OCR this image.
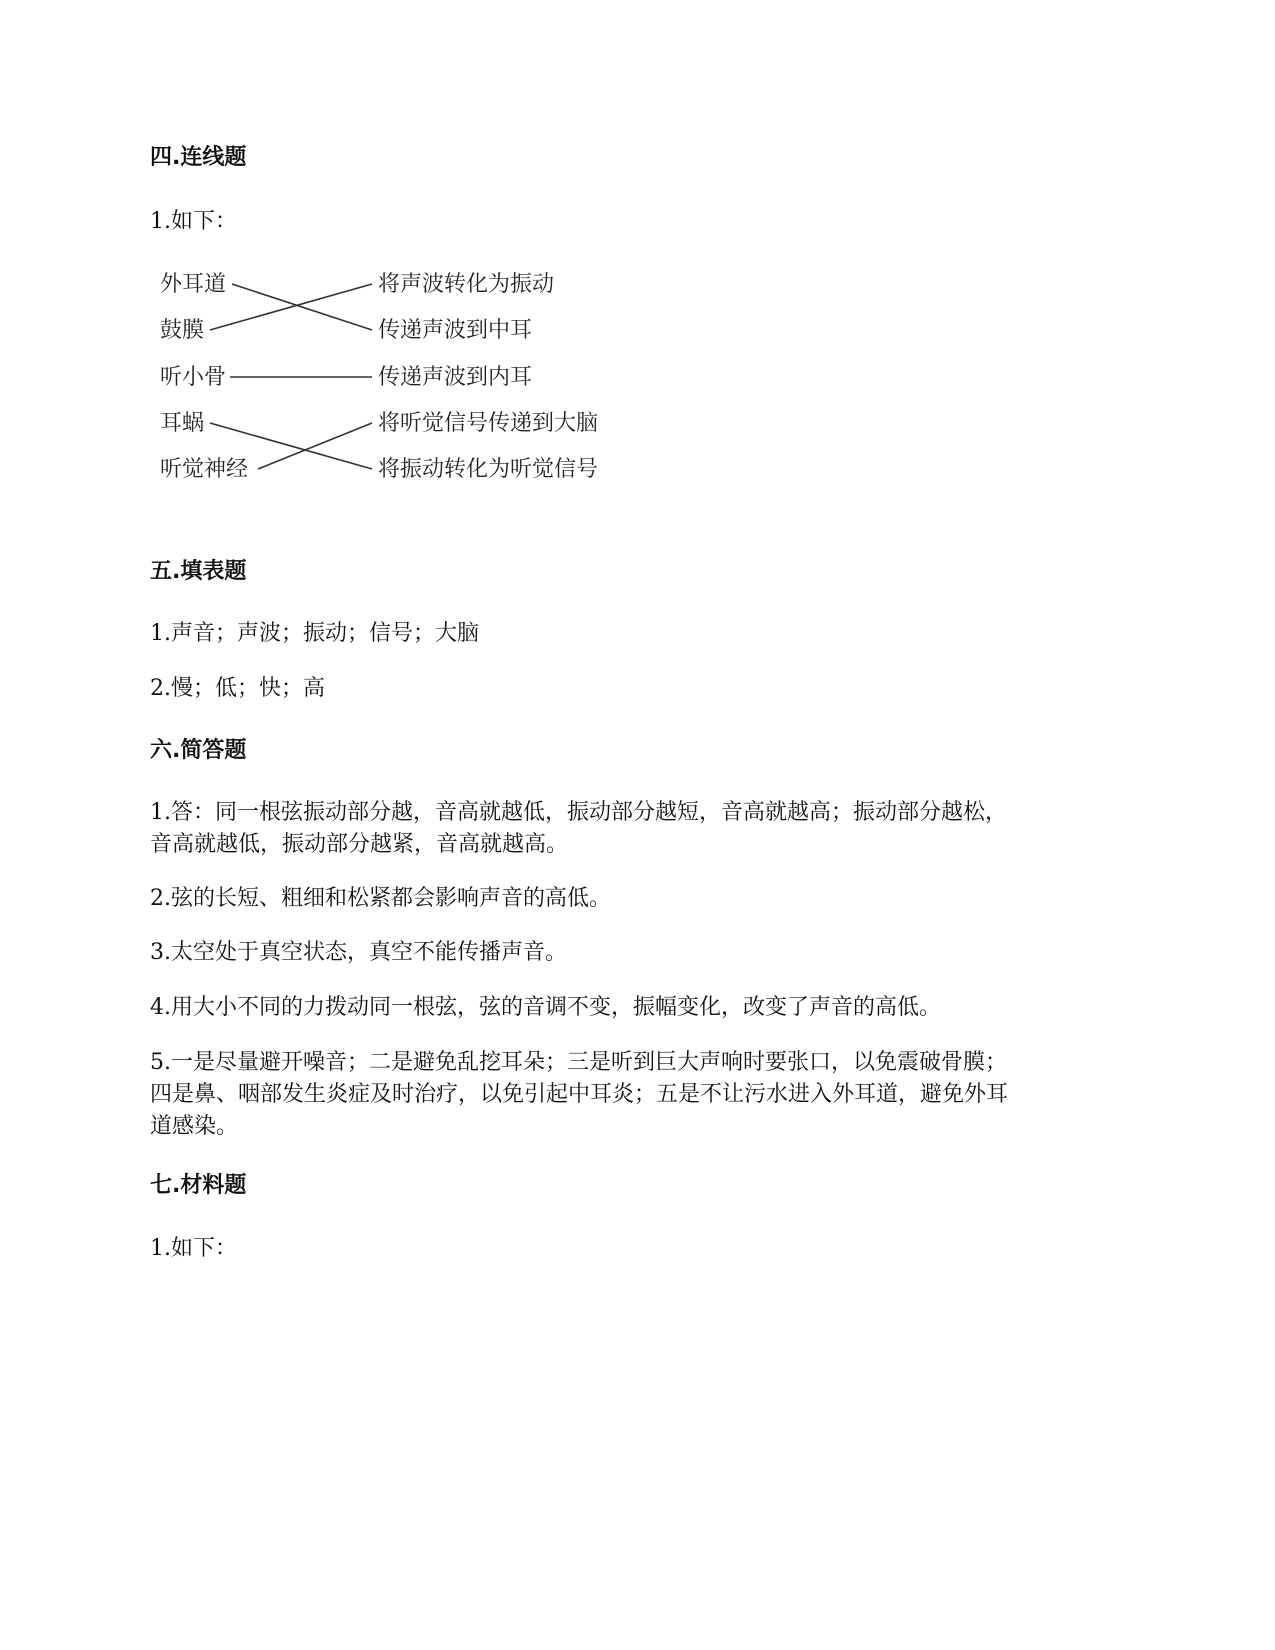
四.连线题

1.如下：

外耳道
鼓膜
听小骨
耳蜗
听觉神经
将声波转化为振动
传递声波到中耳
传递声波到内耳
将听觉信号传递到大脑
将振动转化为听觉信号

五.填表题

1.声音；声波；振动；信号；大脑

2.慢；低；快；高

六.简答题

1.答：同一根弦振动部分越，音高就越低，振动部分越短，音高就越高；振动部分越松，

音高就越低，振动部分越紧，音高就越高。

2.弦的长短、粗细和松紧都会影响声音的高低。

3.太空处于真空状态，真空不能传播声音。

4.用大小不同的力拨动同一根弦，弦的音调不变，振幅变化，改变了声音的高低。

5.一是尽量避开噪音；二是避免乱挖耳朵；三是听到巨大声响时要张口，以免震破骨膜；

四是鼻、咽部发生炎症及时治疗，以免引起中耳炎；五是不让污水进入外耳道，避免外耳

道感染。

七.材料题

1.如下：
